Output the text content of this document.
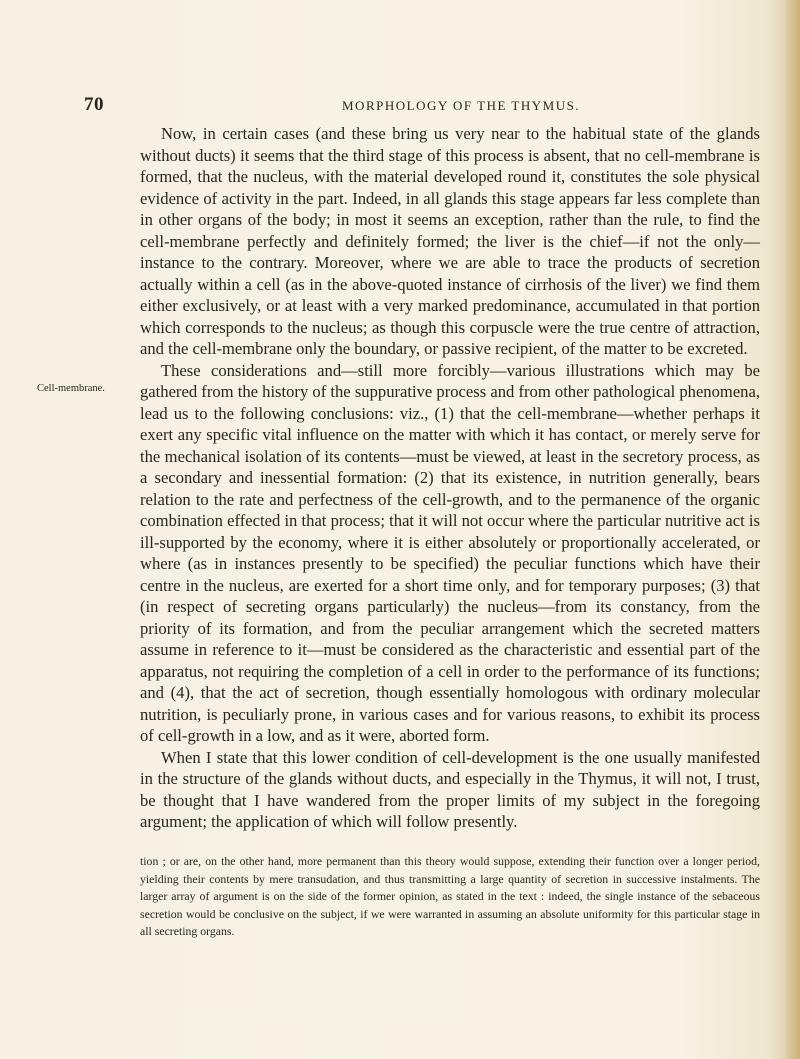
70	MORPHOLOGY OF THE THYMUS.
Cell-membrane.

Now, in certain cases (and these bring us very near to the habitual state of the glands without ducts) it seems that the third stage of this process is absent, that no cell-membrane is formed, that the nucleus, with the material developed round it, constitutes the sole physical evidence of activity in the part. Indeed, in all glands this stage appears far less complete than in other organs of the body; in most it seems an exception, rather than the rule, to find the cell-membrane perfectly and definitely formed; the liver is the chief—if not the only—instance to the contrary. Moreover, where we are able to trace the products of secretion actually within a cell (as in the above-quoted instance of cirrhosis of the liver) we find them either exclusively, or at least with a very marked predominance, accumulated in that portion which corresponds to the nucleus; as though this corpuscle were the true centre of attraction, and the cell-membrane only the boundary, or passive recipient, of the matter to be excreted.

These considerations and—still more forcibly—various illustrations which may be gathered from the history of the suppurative process and from other pathological phenomena, lead us to the following conclusions: viz., (1) that the cell-membrane—whether perhaps it exert any specific vital influence on the matter with which it has contact, or merely serve for the mechanical isolation of its contents—must be viewed, at least in the secretory process, as a secondary and inessential formation: (2) that its existence, in nutrition generally, bears relation to the rate and perfectness of the cell-growth, and to the permanence of the organic combination effected in that process; that it will not occur where the particular nutritive act is ill-supported by the economy, where it is either absolutely or proportionally accelerated, or where (as in instances presently to be specified) the peculiar functions which have their centre in the nucleus, are exerted for a short time only, and for temporary purposes; (3) that (in respect of secreting organs particularly) the nucleus—from its constancy, from the priority of its formation, and from the peculiar arrangement which the secreted matters assume in reference to it—must be considered as the characteristic and essential part of the apparatus, not requiring the completion of a cell in order to the performance of its functions; and (4), that the act of secretion, though essentially homologous with ordinary molecular nutrition, is peculiarly prone, in various cases and for various reasons, to exhibit its process of cell-growth in a low, and as it were, aborted form.

When I state that this lower condition of cell-development is the one usually manifested in the structure of the glands without ducts, and especially in the Thymus, it will not, I trust, be thought that I have wandered from the proper limits of my subject in the foregoing argument; the application of which will follow presently.

tion ; or are, on the other hand, more permanent than this theory would suppose, extending their function over a longer period, yielding their contents by mere transudation, and thus transmitting a large quantity of secretion in successive instalments. The larger array of argument is on the side of the former opinion, as stated in the text : indeed, the single instance of the sebaceous secretion would be conclusive on the subject, if we were warranted in assuming an absolute uniformity for this particular stage in all secreting organs.
